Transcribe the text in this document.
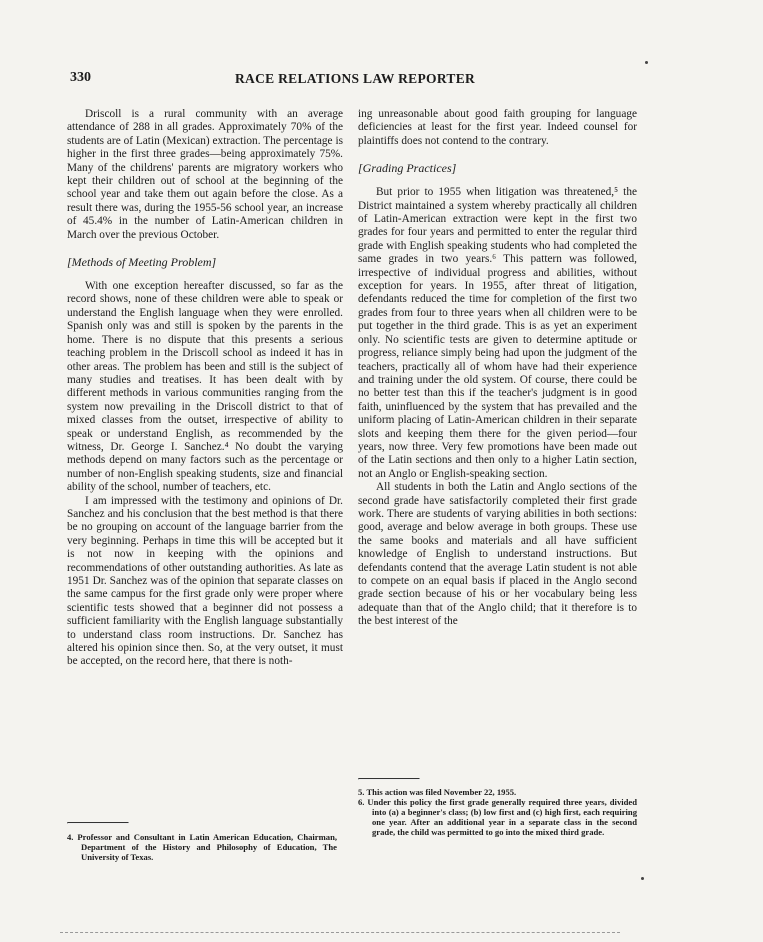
330	RACE RELATIONS LAW REPORTER

Driscoll is a rural community with an average attendance of 288 in all grades. Approximately 70% of the students are of Latin (Mexican) extraction. The percentage is higher in the first three grades—being approximately 75%. Many of the childrens' parents are migratory workers who kept their children out of school at the beginning of the school year and take them out again before the close. As a result there was, during the 1955-56 school year, an increase of 45.4% in the number of Latin-American children in March over the previous October.

[Methods of Meeting Problem]

With one exception hereafter discussed, so far as the record shows, none of these children were able to speak or understand the English language when they were enrolled. Spanish only was and still is spoken by the parents in the home. There is no dispute that this presents a serious teaching problem in the Driscoll school as indeed it has in other areas. The problem has been and still is the subject of many studies and treatises. It has been dealt with by different methods in various communities ranging from the system now prevailing in the Driscoll district to that of mixed classes from the outset, irrespective of ability to speak or understand English, as recommended by the witness, Dr. George I. Sanchez.⁴ No doubt the varying methods depend on many factors such as the percentage or number of non-English speaking students, size and financial ability of the school, number of teachers, etc.

I am impressed with the testimony and opinions of Dr. Sanchez and his conclusion that the best method is that there be no grouping on account of the language barrier from the very beginning. Perhaps in time this will be accepted but it is not now in keeping with the opinions and recommendations of other outstanding authorities. As late as 1951 Dr. Sanchez was of the opinion that separate classes on the same campus for the first grade only were proper where scientific tests showed that a beginner did not possess a sufficient familiarity with the English language substantially to understand class room instructions. Dr. Sanchez has altered his opinion since then. So, at the very outset, it must be accepted, on the record here, that there is noth-

ing unreasonable about good faith grouping for language deficiencies at least for the first year. Indeed counsel for plaintiffs does not contend to the contrary.

[Grading Practices]

But prior to 1955 when litigation was threatened,⁵ the District maintained a system whereby practically all children of Latin-American extraction were kept in the first two grades for four years and permitted to enter the regular third grade with English speaking students who had completed the same grades in two years.⁶ This pattern was followed, irrespective of individual progress and abilities, without exception for years. In 1955, after threat of litigation, defendants reduced the time for completion of the first two grades from four to three years when all children were to be put together in the third grade. This is as yet an experiment only. No scientific tests are given to determine aptitude or progress, reliance simply being had upon the judgment of the teachers, practically all of whom have had their experience and training under the old system. Of course, there could be no better test than this if the teacher's judgment is in good faith, uninfluenced by the system that has prevailed and the uniform placing of Latin-American children in their separate slots and keeping them there for the given period—four years, now three. Very few promotions have been made out of the Latin sections and then only to a higher Latin section, not an Anglo or English-speaking section.

All students in both the Latin and Anglo sections of the second grade have satisfactorily completed their first grade work. There are students of varying abilities in both sections: good, average and below average in both groups. These use the same books and materials and all have sufficient knowledge of English to understand instructions. But defendants contend that the average Latin student is not able to compete on an equal basis if placed in the Anglo second grade section because of his or her vocabulary being less adequate than that of the Anglo child; that it therefore is to the best interest of the

4. Professor and Consultant in Latin American Education, Chairman, Department of the History and Philosophy of Education, The University of Texas.

5. This action was filed November 22, 1955.

6. Under this policy the first grade generally required three years, divided into (a) a beginner's class; (b) low first and (c) high first, each requiring one year. After an additional year in a separate class in the second grade, the child was permitted to go into the mixed third grade.
